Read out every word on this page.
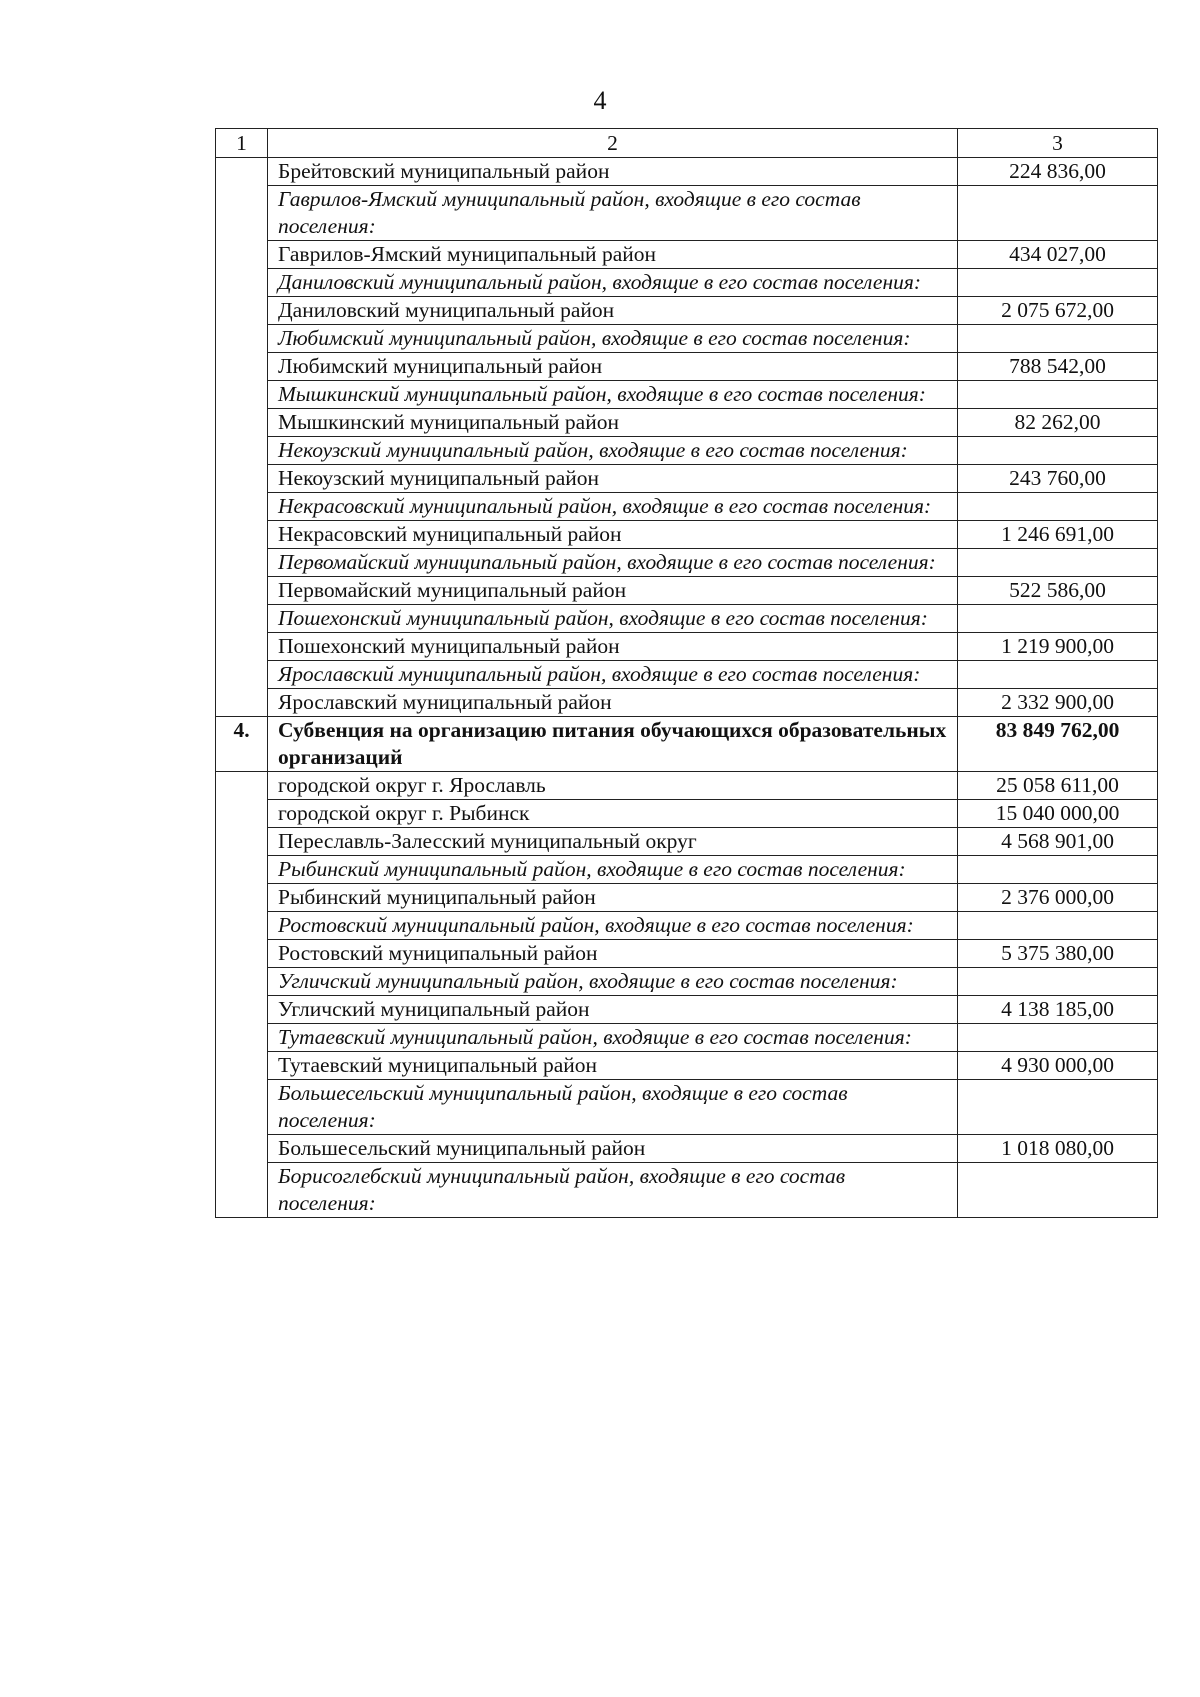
4
1	2	3
	Брейтовский муниципальный район	224 836,00
	Гаврилов-Ямский муниципальный район, входящие в его состав поселения:	
	Гаврилов-Ямский муниципальный район	434 027,00
	Даниловский муниципальный район, входящие в его состав поселения:	
	Даниловский муниципальный район	2 075 672,00
	Любимский муниципальный район, входящие в его состав поселения:	
	Любимский муниципальный район	788 542,00
	Мышкинский муниципальный район, входящие в его состав поселения:	
	Мышкинский муниципальный район	82 262,00
	Некоузский муниципальный район, входящие в его состав поселения:	
	Некоузский муниципальный район	243 760,00
	Некрасовский муниципальный район, входящие в его состав поселения:	
	Некрасовский муниципальный район	1 246 691,00
	Первомайский муниципальный район, входящие в его состав поселения:	
	Первомайский муниципальный район	522 586,00
	Пошехонский муниципальный район, входящие в его состав поселения:	
	Пошехонский муниципальный район	1 219 900,00
	Ярославский муниципальный район, входящие в его состав поселения:	
	Ярославский муниципальный район	2 332 900,00
4.	Субвенция на организацию питания обучающихся образовательных организаций	83 849 762,00
	городской округ г. Ярославль	25 058 611,00
	городской округ г. Рыбинск	15 040 000,00
	Переславль-Залесский муниципальный округ	4 568 901,00
	Рыбинский муниципальный район, входящие в его состав поселения:	
	Рыбинский муниципальный район	2 376 000,00
	Ростовский муниципальный район, входящие в его состав поселения:	
	Ростовский муниципальный район	5 375 380,00
	Угличский муниципальный район, входящие в его состав поселения:	
	Угличский муниципальный район	4 138 185,00
	Тутаевский муниципальный район, входящие в его состав поселения:	
	Тутаевский муниципальный район	4 930 000,00
	Большесельский муниципальный район, входящие в его состав поселения:	
	Большесельский муниципальный район	1 018 080,00
	Борисоглебский муниципальный район, входящие в его состав поселения:	
